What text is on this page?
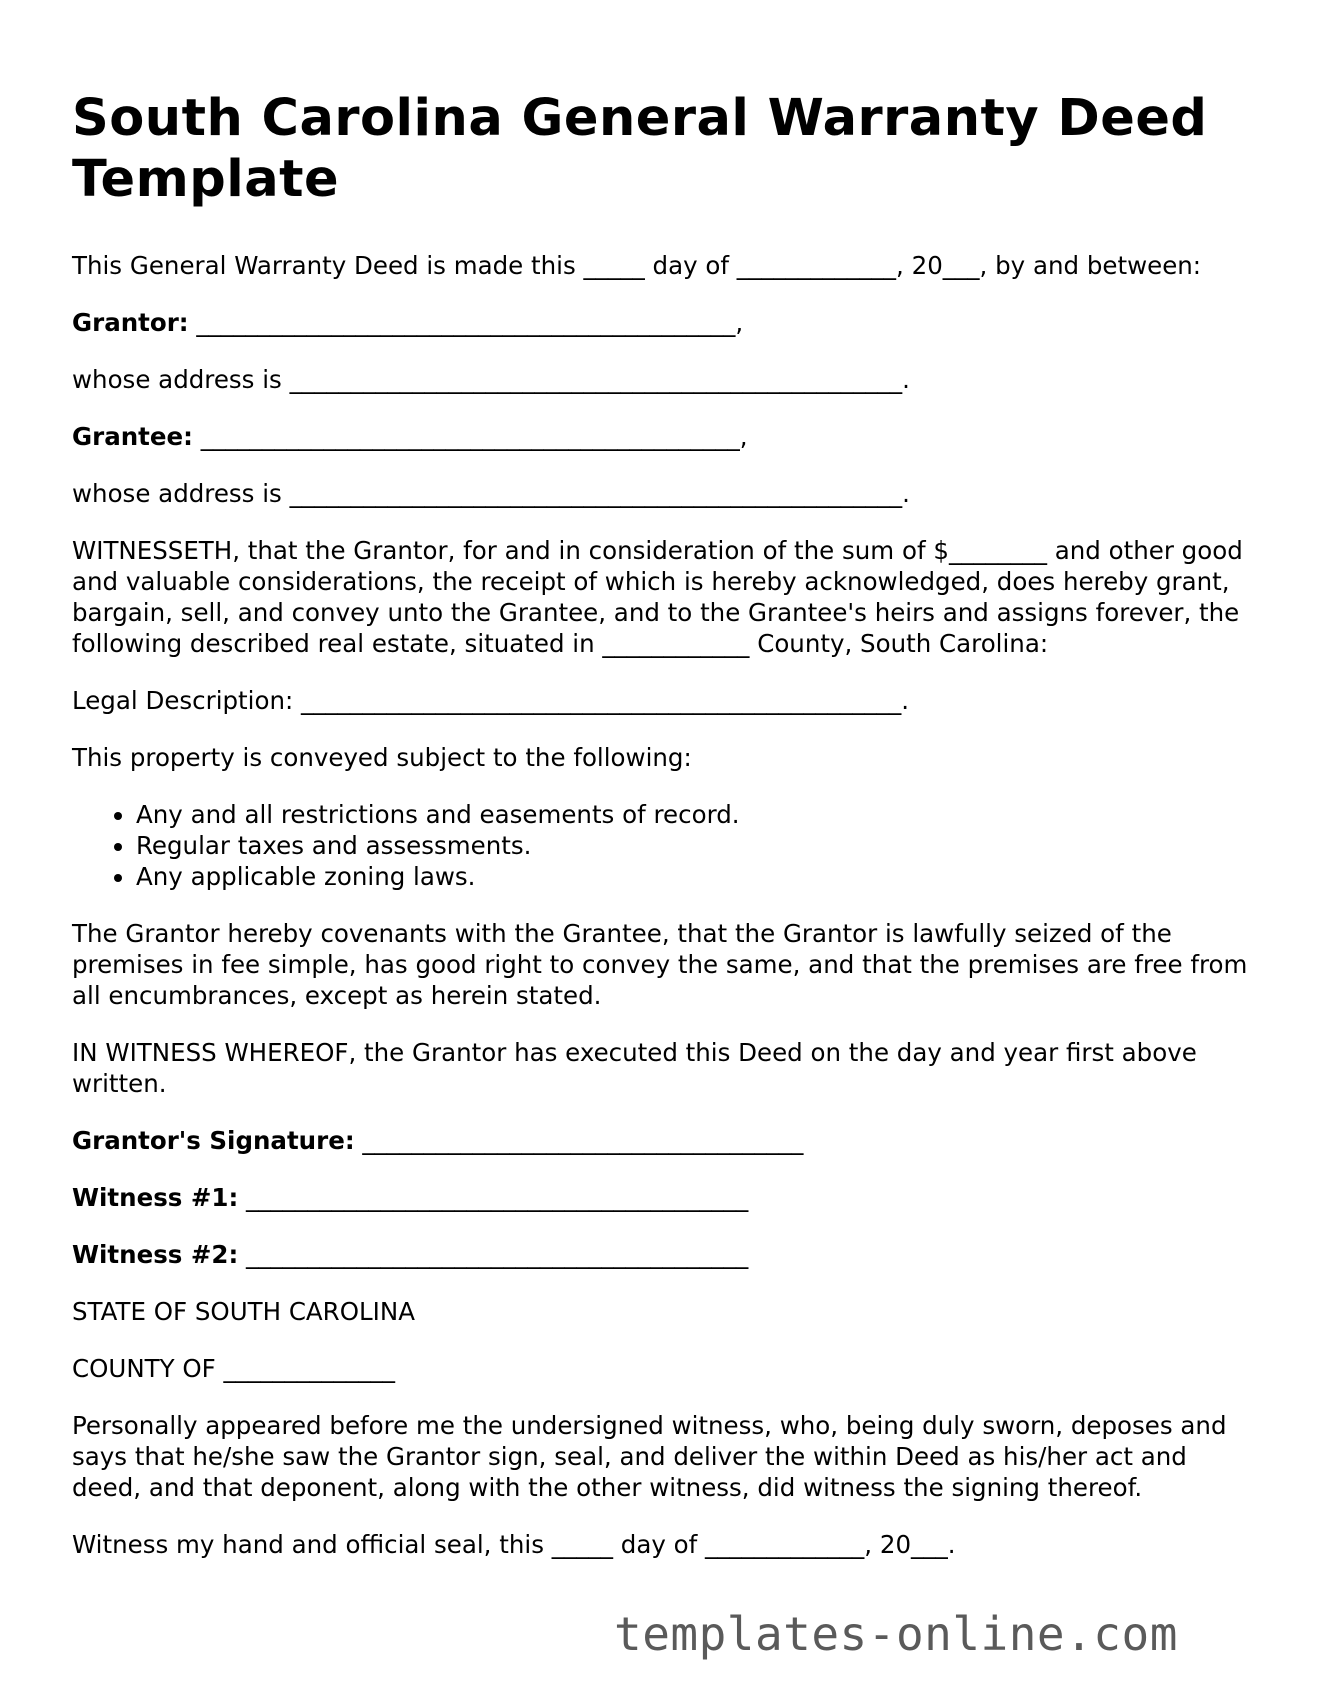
South Carolina General Warranty Deed Template

This General Warranty Deed is made this _____ day of _____________, 20___, by and between:

Grantor: ____________________________________________,

whose address is __________________________________________________.

Grantee: ____________________________________________,

whose address is __________________________________________________.

WITNESSETH, that the Grantor, for and in consideration of the sum of $________ and other good and valuable considerations, the receipt of which is hereby acknowledged, does hereby grant, bargain, sell, and convey unto the Grantee, and to the Grantee's heirs and assigns forever, the following described real estate, situated in ____________ County, South Carolina:

Legal Description: _________________________________________________.

This property is conveyed subject to the following:

• Any and all restrictions and easements of record.
• Regular taxes and assessments.
• Any applicable zoning laws.

The Grantor hereby covenants with the Grantee, that the Grantor is lawfully seized of the premises in fee simple, has good right to convey the same, and that the premises are free from all encumbrances, except as herein stated.

IN WITNESS WHEREOF, the Grantor has executed this Deed on the day and year first above written.

Grantor's Signature: ____________________________________

Witness #1: _________________________________________

Witness #2: _________________________________________

STATE OF SOUTH CAROLINA

COUNTY OF ______________

Personally appeared before me the undersigned witness, who, being duly sworn, deposes and says that he/she saw the Grantor sign, seal, and deliver the within Deed as his/her act and deed, and that deponent, along with the other witness, did witness the signing thereof.

Witness my hand and official seal, this _____ day of _____________, 20___.

templates-online.com
